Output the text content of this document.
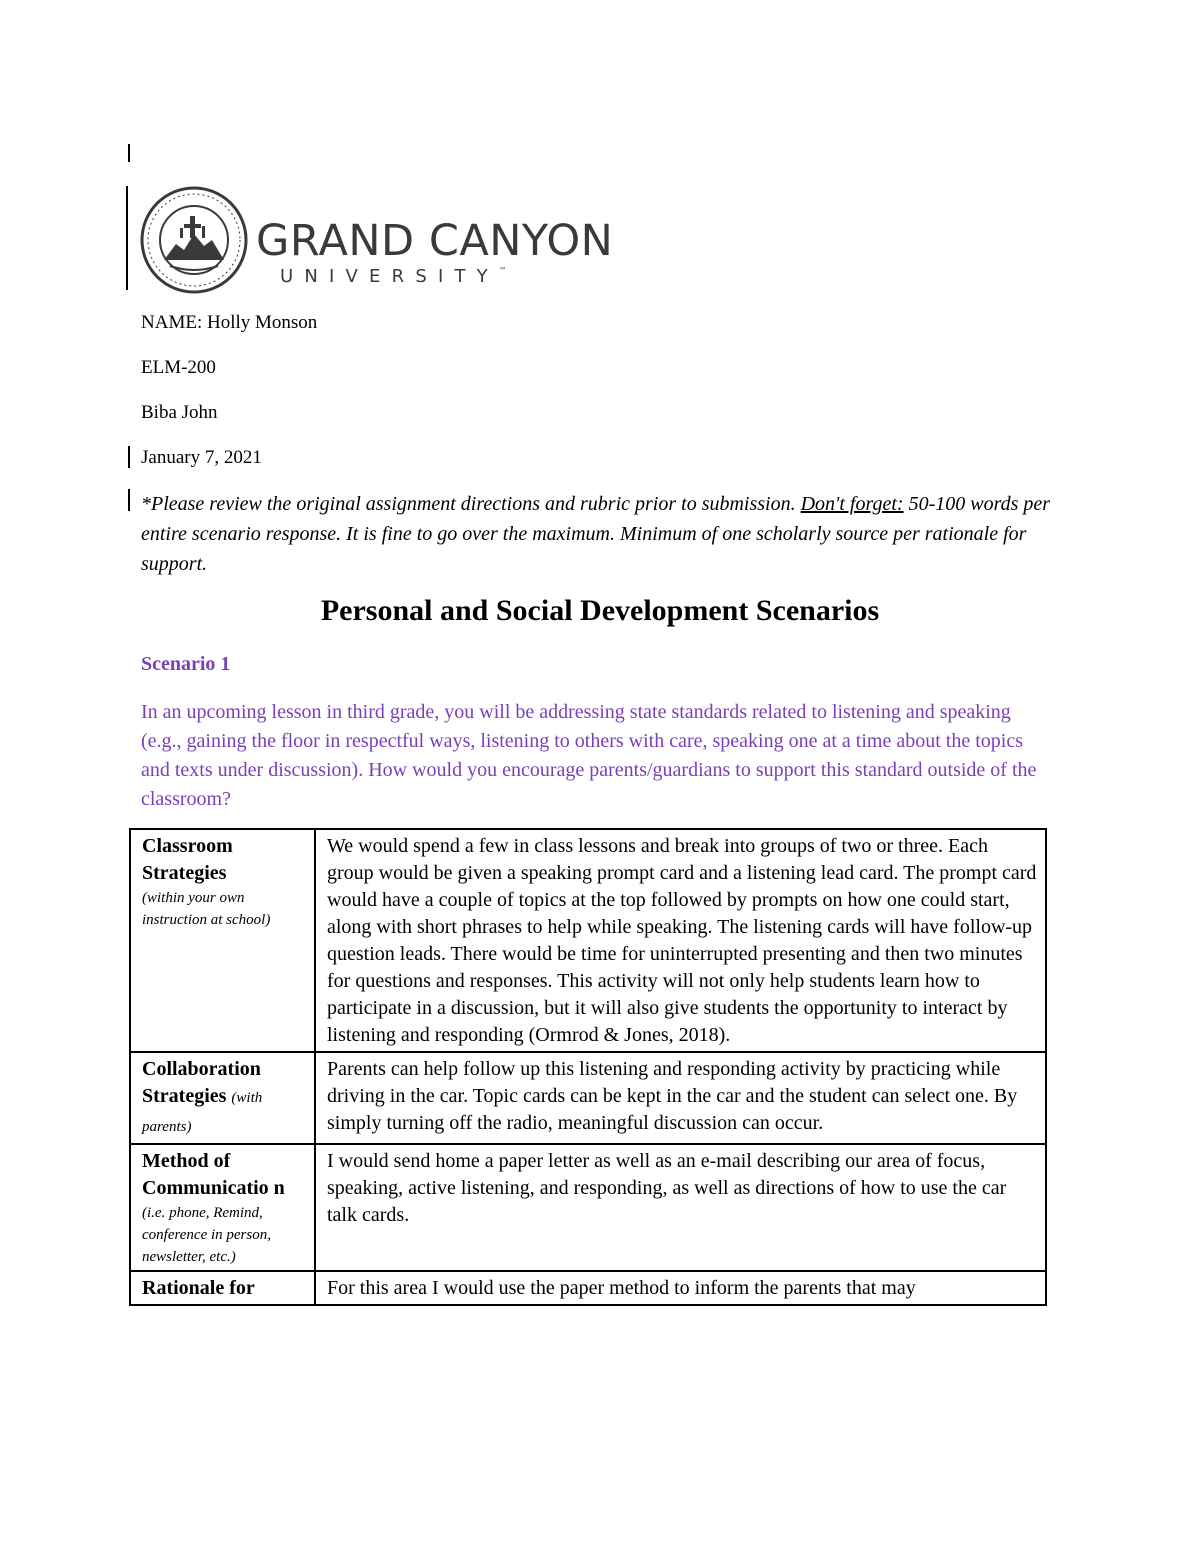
GRAND CANYON
UNIVERSITY™
NAME: Holly Monson
ELM-200
Biba John
January 7, 2021
*Please review the original assignment directions and rubric prior to submission. Don't forget: 50-100 words per entire scenario response. It is fine to go over the maximum. Minimum of one scholarly source per rationale for support.
Personal and Social Development Scenarios
Scenario 1
In an upcoming lesson in third grade, you will be addressing state standards related to listening and speaking (e.g., gaining the floor in respectful ways, listening to others with care, speaking one at a time about the topics and texts under discussion). How would you encourage parents/guardians to support this standard outside of the classroom?
Classroom Strategies
(within your own instruction at school)	We would spend a few in class lessons and break into groups of two or three. Each group would be given a speaking prompt card and a listening lead card. The prompt card would have a couple of topics at the top followed by prompts on how one could start, along with short phrases to help while speaking. The listening cards will have follow-up question leads. There would be time for uninterrupted presenting and then two minutes for questions and responses. This activity will not only help students learn how to participate in a discussion, but it will also give students the opportunity to interact by listening and responding (Ormrod & Jones, 2018).

Collaboration Strategies (with parents)	Parents can help follow up this listening and responding activity by practicing while driving in the car. Topic cards can be kept in the car and the student can select one. By simply turning off the radio, meaningful discussion can occur.

Method of Communicatio n
(i.e. phone, Remind, conference in person, newsletter, etc.)	I would send home a paper letter as well as an e-mail describing our area of focus, speaking, active listening, and responding, as well as directions of how to use the car talk cards.

Rationale for	For this area I would use the paper method to inform the parents that may
